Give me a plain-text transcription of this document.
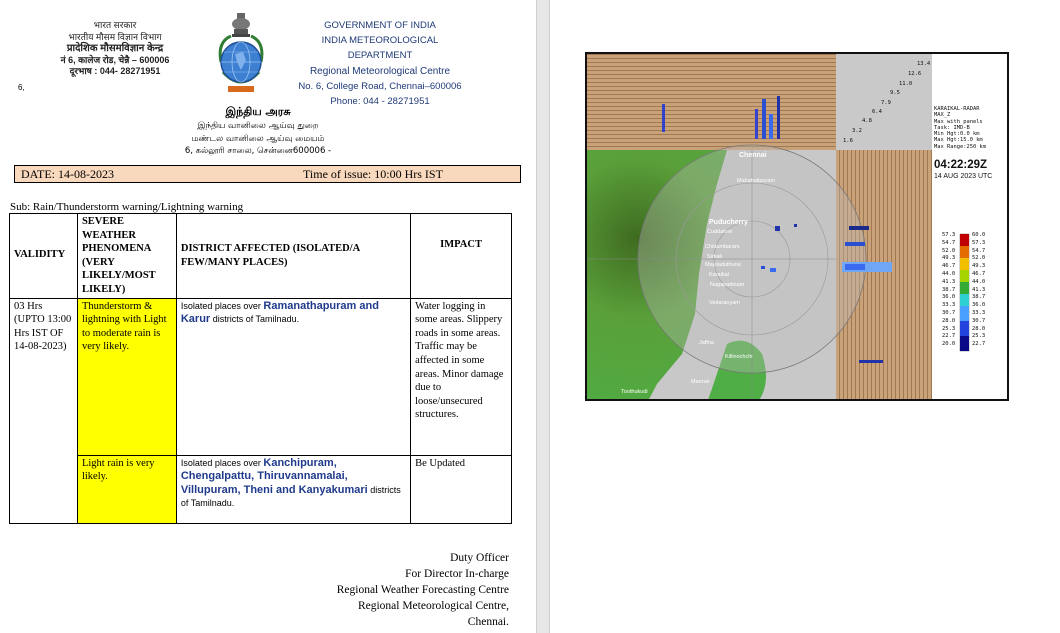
भारत सरकार
भारतीय मौसम विज्ञान विभाग
प्रादेशिक मौसमविज्ञान केन्द्र
नं 6, कालेज रोड, चेन्नै – 600006
दूरभाष : 044- 28271951
6,
GOVERNMENT OF INDIA
INDIA METEOROLOGICAL DEPARTMENT
Regional Meteorological Centre
No. 6, College Road, Chennai–600006
Phone: 044 - 28271951
இந்திய அரசு
இந்திய வானிலை ஆய்வு துறை
மண்டல வானிலை ஆய்வு மையம்
6, கல்லூரி சாலை, சென்னை600006 -
DATE: 14-08-2023	Time of issue: 10:00 Hrs IST
Sub: Rain/Thunderstorm warning/Lightning warning
VALIDITY	SEVERE WEATHER PHENOMENA (VERY LIKELY/MOST LIKELY)	DISTRICT AFFECTED (ISOLATED/A FEW/MANY PLACES)	IMPACT
03 Hrs (UPTO 13:00 Hrs IST OF 14-08-2023)	Thunderstorm & lightning with Light to moderate rain is very likely.	Isolated places over Ramanathapuram and Karur districts of Tamilnadu.	Water logging in some areas. Slippery roads in some areas. Traffic may be affected in some areas. Minor damage due to loose/unsecured structures.
	Light rain is very likely.	Isolated places over Kanchipuram, Chengalpattu, Thiruvannamalai, Villupuram, Theni and Kanyakumari districts of Tamilnadu.	Be Updated
Duty Officer
For Director In-charge
Regional Weather Forecasting Centre
Regional Meteorological Centre,
Chennai.
Chennai
Mahabalipuram
Puducherry
Cuddalore
Chidambaram
Sirkali
Mayiladuthurai
Karaikal
Nagapattinam
Vedaranyam
Jaffna
Killinochchi
Mannar
Toothukudi
1.6
3.2
4.8
6.4
7.9
9.5
11.0
12.6
13.4
KARAIKAL-RADAR
MAX_Z
Max with panels
Task: IMD-B
Min Hgt:0.0 km
Max Hgt:15.0 km
Max Range:250 km
04:22:29Z
14 AUG 2023 UTC
57.3
54.7
52.0
49.3
46.7
44.0
41.3
38.7
36.0
33.3
30.7
28.0
25.3
22.7
20.0
60.0
57.3
54.7
52.0
49.3
46.7
44.0
41.3
38.7
36.0
33.3
30.7
28.0
25.3
22.7
